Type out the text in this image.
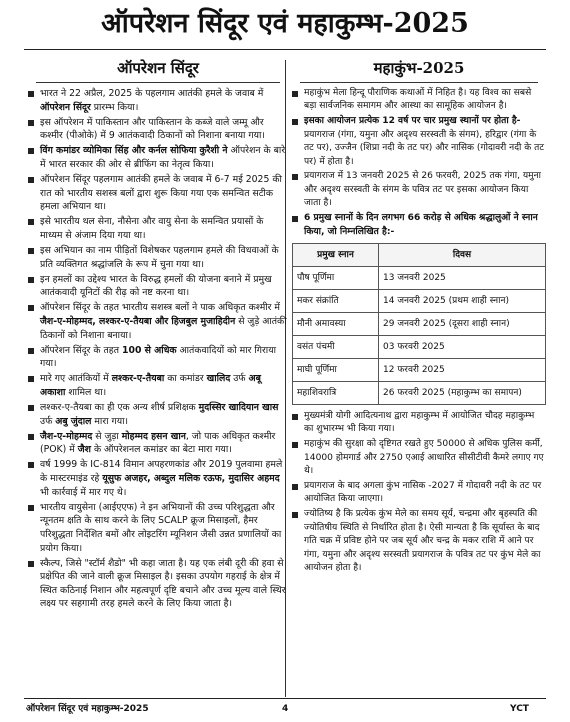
ऑपरेशन सिंदूर एवं महाकुम्भ-2025
ऑपरेशन सिंदूर
भारत ने 22 अप्रैल, 2025 के पहलगाम आतंकी हमले के जवाब में ऑपरेशन सिंदूर प्रारम्भ किया।
इस ऑपरेशन में पाकिस्तान और पाकिस्तान के कब्जे वाले जम्मू और कश्मीर (पीओके) में 9 आतंकवादी ठिकानों को निशाना बनाया गया।
विंग कमांडर व्योमिका सिंह और कर्नल सोफिया कुरैशी ने ऑपरेशन के बारे में भारत सरकार की ओर से ब्रीफिंग का नेतृत्व किया।
ऑपरेशन सिंदूर पहलगाम आतंकी हमले के जवाब में 6-7 मई 2025 की रात को भारतीय सशस्त्र बलों द्वारा शुरू किया गया एक समन्वित सटीक हमला अभियान था।
इसे भारतीय थल सेना, नौसेना और वायु सेना के समन्वित प्रयासों के माध्यम से अंजाम दिया गया था।
इस अभियान का नाम पीड़ितों विशेषकर पहलगाम हमले की विधवाओं के प्रति व्यक्तिगत श्रद्धांजलि के रूप में चुना गया था।
इन हमलों का उद्देश्य भारत के विरुद्ध हमलों की योजना बनाने में प्रमुख आतंकवादी यूनिटों की रीढ़ को नष्ट करना था।
ऑपरेशन सिंदूर के तहत भारतीय सशस्त्र बलों ने पाक अधिकृत कश्मीर में जैश-ए-मोहम्मद, लश्कर-ए-तैयबा और हिजबुल मुजाहिदीन से जुड़े आतंकी ठिकानों को निशाना बनाया।
ऑपरेशन सिंदूर के तहत 100 से अधिक आतंकवादियों को मार गिराया गया।
मारे गए आतंकियों में लश्कर-ए-तैयबा का कमांडर खालिद उर्फ अबू अकाशा शामिल था।
लश्कर-ए-तैयबा का ही एक अन्य शीर्ष प्रशिक्षक मुदस्सिर खादियान खास उर्फ अबु जुंदाल मारा गया।
जैश-ए-मोहम्मद से जुड़ा मोहम्मद हसन खान, जो पाक अधिकृत कश्मीर (POK) में जैश के ऑपरेशनल कमांडर का बेटा मारा गया।
वर्ष 1999 के IC-814 विमान अपहरणकांड और 2019 पुलवामा हमले के मास्टरमाइंड रहे यूसुफ अजहर, अब्दुल मलिक रऊफ, मुदासिर अहमद भी कार्रवाई में मार गए थे।
भारतीय वायुसेना (आईएएफ) ने इन अभियानों की उच्च परिशुद्धता और न्यूनतम क्षति के साथ करने के लिए SCALP क्रूज मिसाइलों, हैमर परिशुद्धता निर्देशित बमों और लोइटरिंग म्यूनिशन जैसी उन्नत प्रणालियों का प्रयोग किया।
स्कैल्प, जिसे "स्टॉर्म शैडो" भी कहा जाता है। यह एक लंबी दूरी की हवा से प्रक्षेपित की जाने वाली क्रूज मिसाइल है। इसका उपयोग गहराई के क्षेत्र में स्थित कठिनाई निशान और महत्वपूर्ण दृष्टि बचाने और उच्च मूल्य वाले स्थिर लक्ष्य पर सहगामी तरह हमले करने के लिए किया जाता है।
महाकुंभ-2025
महाकुंभ मेला हिन्दू पौराणिक कथाओं में निहित है। यह विश्व का सबसे बड़ा सार्वजनिक समागम और आस्था का सामूहिक आयोजन है।
इसका आयोजन प्रत्येक 12 वर्ष पर चार प्रमुख स्थानों पर होता है- प्रयागराज (गंगा, यमुना और अदृश्य सरस्वती के संगम), हरिद्वार (गंगा के तट पर), उज्जैन (शिप्रा नदी के तट पर) और नासिक (गोदावरी नदी के तट पर) में होता है।
प्रयागराज में 13 जनवरी 2025 से 26 फरवरी, 2025 तक गंगा, यमुना और अदृश्य सरस्वती के संगम के पवित्र तट पर इसका आयोजन किया जाता है।
6 प्रमुख स्नानों के दिन लगभग 66 करोड़ से अधिक श्रद्धालुओं ने स्नान किया, जो निम्नलिखित है:-
प्रमुख स्नान	दिवस
पौष पूर्णिमा	13 जनवरी 2025
मकर संक्रांति	14 जनवरी 2025 (प्रथम शाही स्नान)
मौनी अमावस्या	29 जनवरी 2025 (दूसरा शाही स्नान)
वसंत पंचमी	03 फरवरी 2025
माघी पूर्णिमा	12 फरवरी 2025
महाशिवरात्रि	26 फरवरी 2025 (महाकुम्भ का समापन)
मुख्यमंत्री योगी आदित्यनाथ द्वारा महाकुम्भ में आयोजित चौदह महाकुम्भ का शुभारम्भ भी किया गया।
महाकुंभ की सुरक्षा को दृष्टिगत रखते हुए 50000 से अधिक पुलिस कर्मी, 14000 होमगार्ड और 2750 एआई आधारित सीसीटीवी कैमरे लगाए गए थे।
प्रयागराज के बाद अगला कुंभ नासिक -2027 में गोदावरी नदी के तट पर आयोजित किया जाएगा।
ज्योतिष्य है कि प्रत्येक कुंभ मेले का समय सूर्य, चन्द्रमा और बृहस्पति की ज्योतिषीय स्थिति से निर्धारित होता है। ऐसी मान्यता है कि सूर्यास्त के बाद गति चक्र में प्रविष्ट होने पर जब सूर्य और चन्द्र के मकर राशि में आने पर गंगा, यमुना और अदृश्य सरस्वती प्रयागराज के पवित्र तट पर कुंभ मेले का आयोजन होता है।
ऑपरेशन सिंदूर एवं महाकुम्भ-2025	4	YCT
